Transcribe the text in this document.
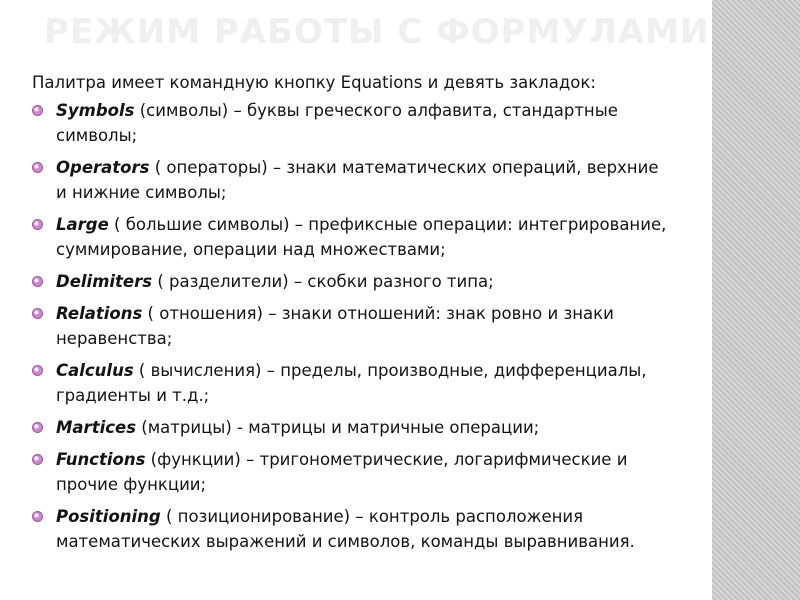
РЕЖИМ РАБОТЫ С ФОРМУЛАМИ

Палитра имеет командную кнопку Equations и девять закладок:

Symbols (символы) – буквы греческого алфавита, стандартные символы;
Operators ( операторы) – знаки математических операций, верхние и нижние символы;
Large ( большие символы) – префиксные операции: интегрирование, суммирование, операции над множествами;
Delimiters ( разделители) – скобки разного типа;
Relations ( отношения) – знаки отношений: знак ровно и знаки неравенства;
Calculus ( вычисления) – пределы, производные, дифференциалы, градиенты и т.д.;
Martices (матрицы) - матрицы и матричные операции;
Functions (функции) – тригонометрические, логарифмические и прочие функции;
Positioning ( позиционирование) – контроль расположения математических выражений и символов, команды выравнивания.
